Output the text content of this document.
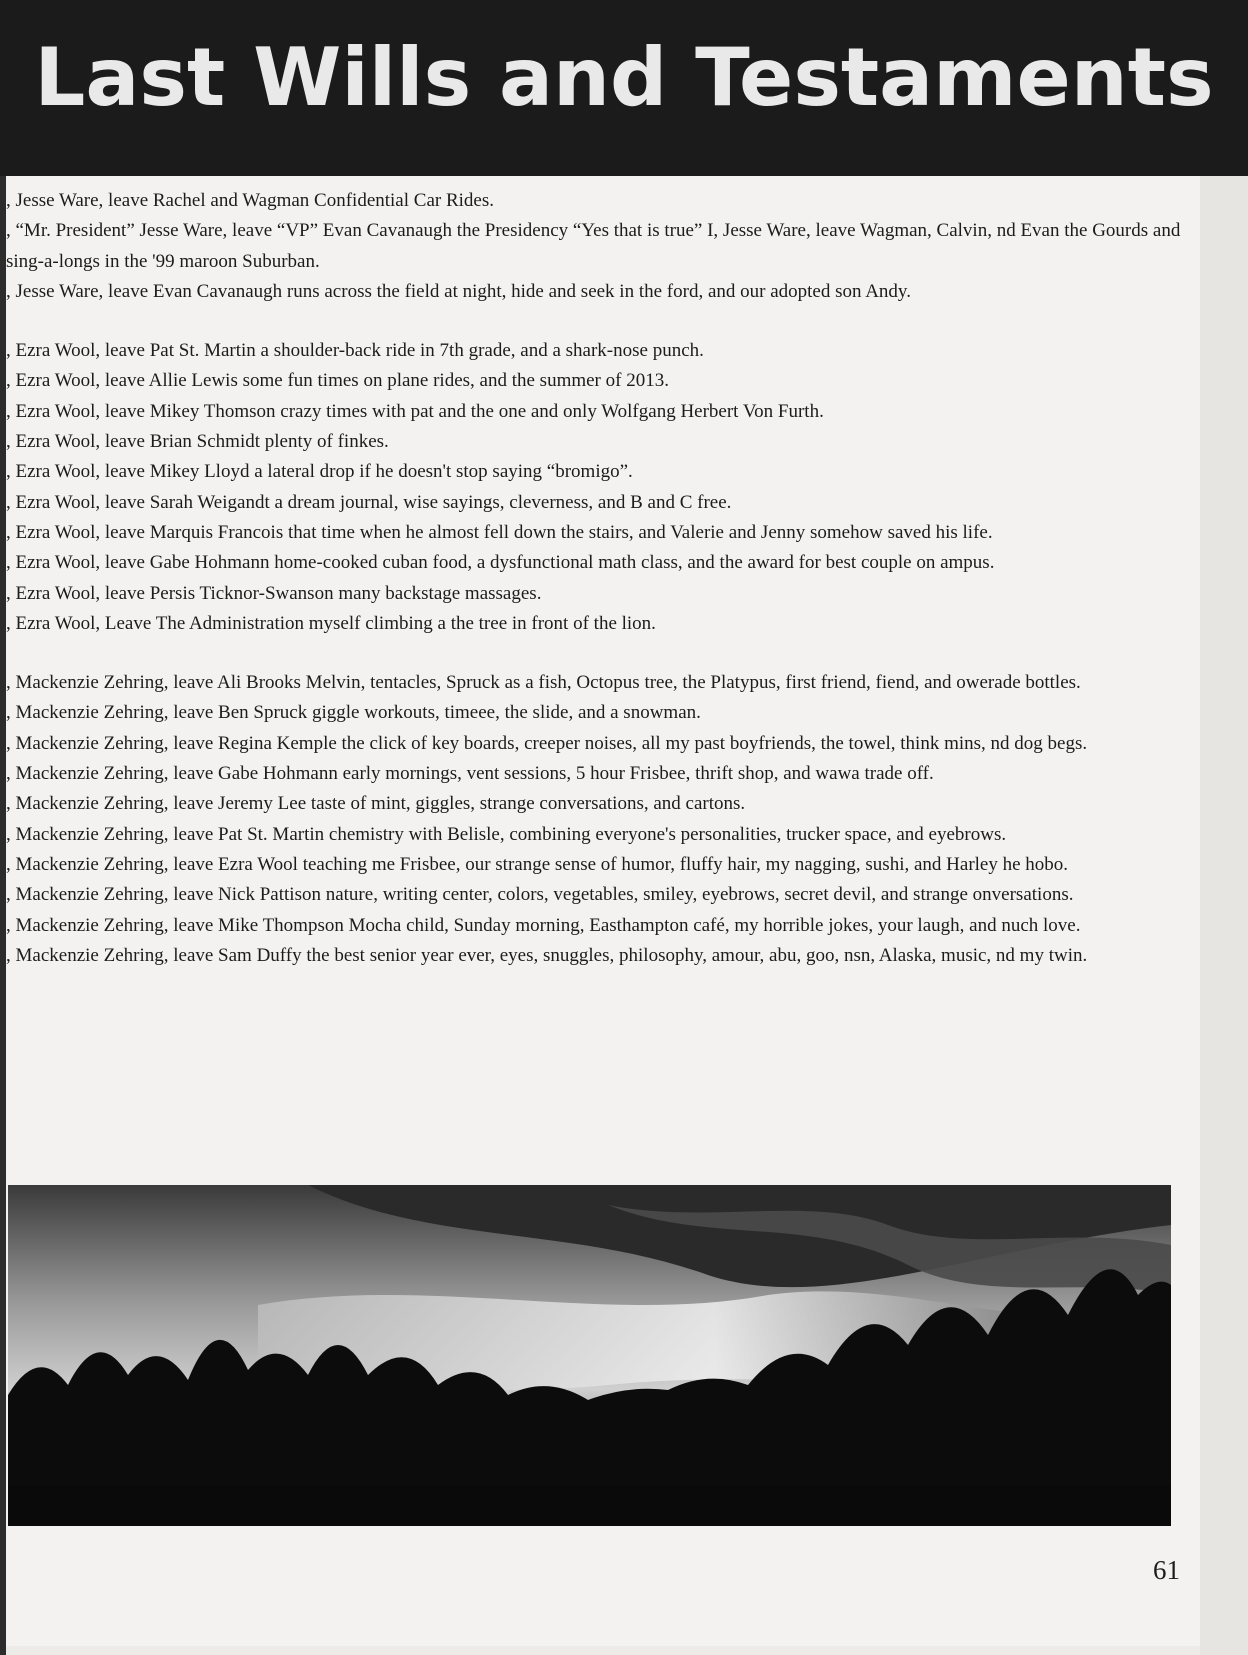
Last Wills and Testaments
, Jesse Ware, leave Rachel and Wagman Confidential Car Rides.
, “Mr. President” Jesse Ware, leave “VP” Evan Cavanaugh the Presidency “Yes that is true” I, Jesse Ware, leave Wagman, Calvin, nd Evan the Gourds and sing-a-longs in the '99 maroon Suburban.
, Jesse Ware, leave Evan Cavanaugh runs across the field at night, hide and seek in the ford, and our adopted son Andy.
, Ezra Wool, leave Pat St. Martin a shoulder-back ride in 7th grade, and a shark-nose punch.
, Ezra Wool, leave Allie Lewis some fun times on plane rides, and the summer of 2013.
, Ezra Wool, leave Mikey Thomson crazy times with pat and the one and only Wolfgang Herbert Von Furth.
, Ezra Wool, leave Brian Schmidt plenty of finkes.
, Ezra Wool, leave Mikey Lloyd a lateral drop if he doesn't stop saying “bromigo”.
, Ezra Wool, leave Sarah Weigandt a dream journal, wise sayings, cleverness, and B and C free.
, Ezra Wool, leave Marquis Francois that time when he almost fell down the stairs, and Valerie and Jenny somehow saved his life.
, Ezra Wool, leave Gabe Hohmann home-cooked cuban food, a dysfunctional math class, and the award for best couple on ampus.
, Ezra Wool, leave Persis Ticknor-Swanson many backstage massages.
, Ezra Wool, Leave The Administration myself climbing a the tree in front of the lion.
, Mackenzie Zehring, leave Ali Brooks Melvin, tentacles, Spruck as a fish, Octopus tree, the Platypus, first friend, fiend, and owerade bottles.
, Mackenzie Zehring, leave Ben Spruck giggle workouts, timeee, the slide, and a snowman.
, Mackenzie Zehring, leave Regina Kemple the click of key boards, creeper noises, all my past boyfriends, the towel, think mins, nd dog begs.
, Mackenzie Zehring, leave Gabe Hohmann early mornings, vent sessions, 5 hour Frisbee, thrift shop, and wawa trade off.
, Mackenzie Zehring, leave Jeremy Lee taste of mint, giggles, strange conversations, and cartons.
, Mackenzie Zehring, leave Pat St. Martin chemistry with Belisle, combining everyone's personalities, trucker space, and eyebrows.
, Mackenzie Zehring, leave Ezra Wool teaching me Frisbee, our strange sense of humor, fluffy hair, my nagging, sushi, and Harley he hobo.
, Mackenzie Zehring, leave Nick Pattison nature, writing center, colors, vegetables, smiley, eyebrows, secret devil, and strange onversations.
, Mackenzie Zehring, leave Mike Thompson Mocha child, Sunday morning, Easthampton café, my horrible jokes, your laugh, and nuch love.
, Mackenzie Zehring, leave Sam Duffy the best senior year ever, eyes, snuggles, philosophy, amour, abu, goo, nsn, Alaska, music, nd my twin.

61
